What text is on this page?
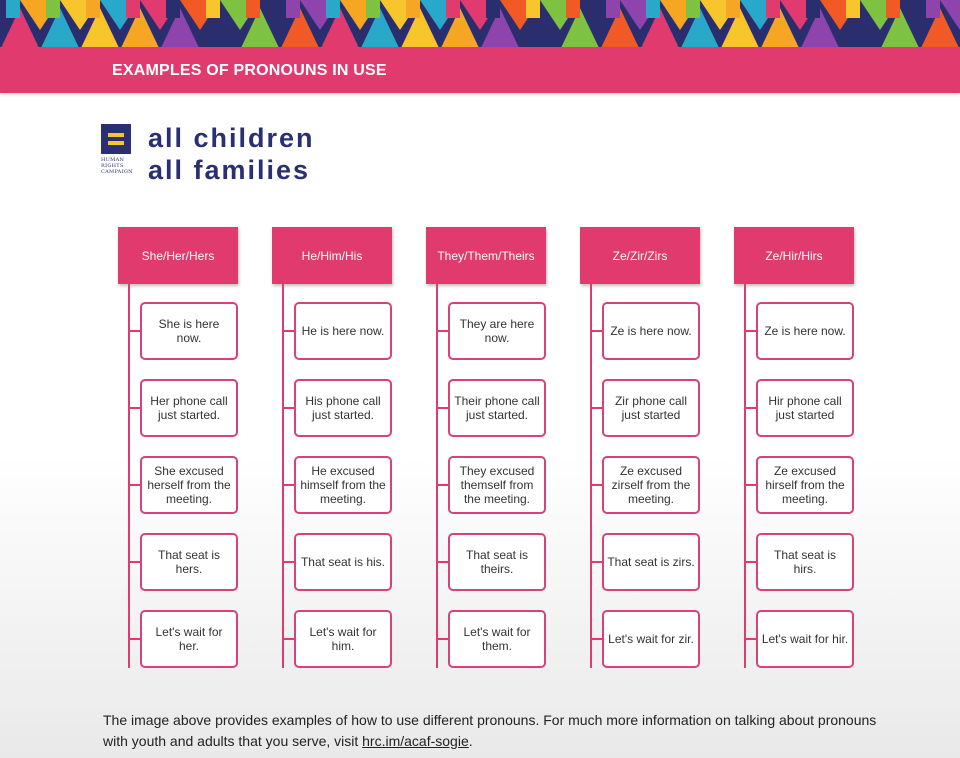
EXAMPLES OF PRONOUNS IN USE
HUMAN RIGHTS CAMPAIGN
all children
all families
She/Her/Hers
She is here now.
Her phone call just started.
She excused herself from the meeting.
That seat is hers.
Let's wait for her.
He/Him/His
He is here now.
His phone call just started.
He excused himself from the meeting.
That seat is his.
Let's wait for him.
They/Them/Theirs
They are here now.
Their phone call just started.
They excused themself from the meeting.
That seat is theirs.
Let's wait for them.
Ze/Zir/Zirs
Ze is here now.
Zir phone call just started
Ze excused zirself from the meeting.
That seat is zirs.
Let's wait for zir.
Ze/Hir/Hirs
Ze is here now.
Hir phone call just started
Ze excused hirself from the meeting.
That seat is hirs.
Let's wait for hir.
The image above provides examples of how to use different pronouns. For much more information on talking about pronouns with youth and adults that you serve, visit hrc.im/acaf-sogie.
